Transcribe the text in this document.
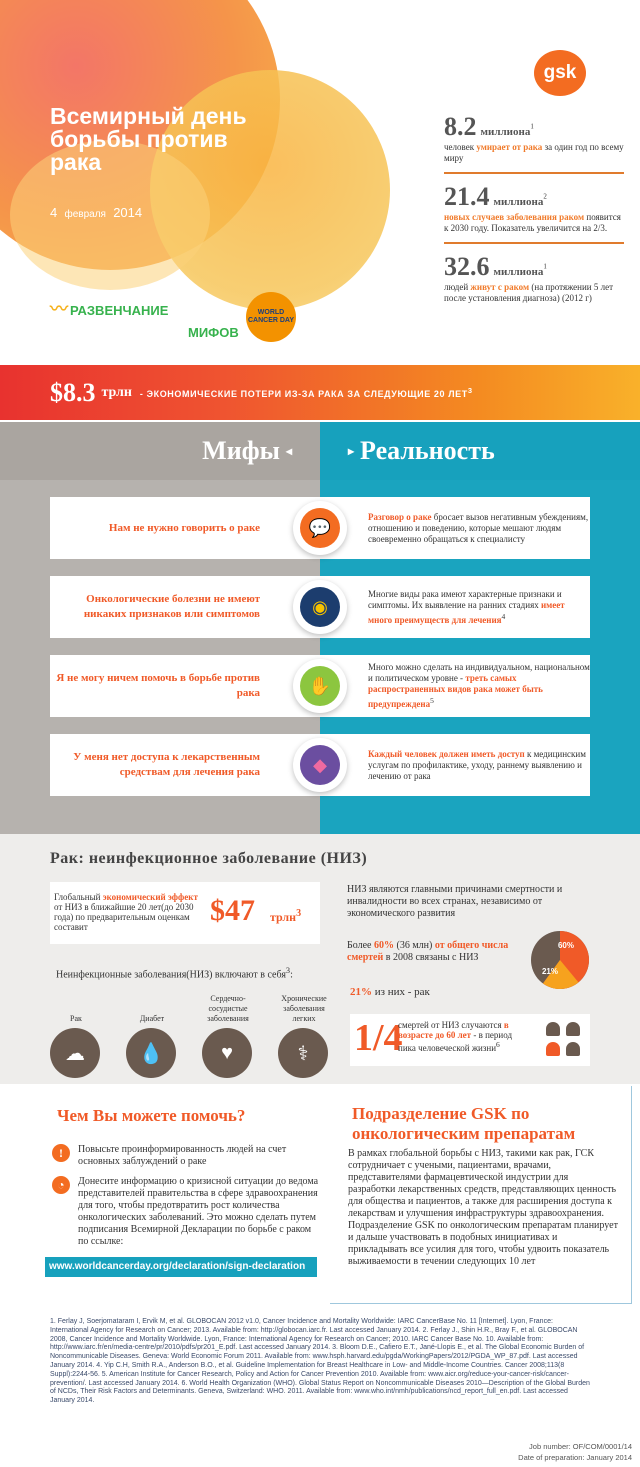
Всемирный день борьбы против рака
4 февраля 2014
〰 РАЗВЕНЧАНИЕ
МИФОВ
WORLD CANCER DAY
gsk
8.2 миллиона$^1$
человек умирает от рака за один год по всему миру
21.4 миллиона$^2$
новых случаев заболевания раком появится к 2030 году. Показатель увеличится на 2/3.
32.6 миллиона$^1$
людей живут с раком (на протяжении 5 лет после установления диагноза) (2012 г)
$8.3 трлн - ЭКОНОМИЧЕСКИЕ ПОТЕРИ ИЗ-ЗА РАКА ЗА СЛЕДУЮЩИЕ 20 ЛЕТ$^3$
Мифы ◂	▸ Реальность
Нам не нужно говорить о раке	💬
Разговор о раке бросает вызов негативным убеждениям, отношению и поведению, которые мешают людям своевременно обращаться к специалисту
Онкологические болезни не имеют никаких признаков или симптомов	◉
Многие виды рака имеют характерные признаки и симптомы. Их выявление на ранних стадиях имеет много преимуществ для лечения$^4$
Я не могу ничем помочь в борьбе против рака	✋
Много можно сделать на индивидуальном, национальном и политическом уровне - треть самых распространенных видов рака может быть предупреждена$^5$
У меня нет доступа к лекарственным средствам для лечения рака	◆
Каждый человек должен иметь доступ к медицинским услугам по профилактике, уходу, раннему выявлению и лечению от рака
Рак: неинфекционное заболевание (НИЗ)
Глобальный экономический эффект от НИЗ в ближайшие 20 лет(до 2030 года) по предварительным оценкам составит	$47 трлн$^3$
Неинфекционные заболевания(НИЗ) включают в себя$^3$:
Рак
☁
Диабет
💧
Сердечно-сосудистые заболевания
♥
Хронические заболевания легких
⚕
НИЗ являются главными причинами смертности и инвалидности во всех странах, независимо от экономического развития
Более 60% (36 млн) от общего числа смертей в 2008 связаны с НИЗ
21% из них - рак
60%
21%
1/4
смертей от НИЗ случаются в возрасте до 60 лет - в период пика человеческой жизни$^6$
Чем Вы можете помочь?
!	Повысьте проинформированность людей на счет основных заблуждений о раке
◔	Донесите информацию о кризисной ситуации до ведома представителей правительства в сфере здравоохранения для того, чтобы предотвратить рост количества онкологических заболеваний. Это можно сделать путем подписания Всемирной Декларации по борьбе с раком по ссылке:
www.worldcancerday.org/declaration/sign-declaration
Подразделение GSK по онкологическим препаратам
В рамках глобальной борьбы с НИЗ, такими как рак, ГСК сотрудничает с учеными, пациентами, врачами, представителями фармацевтической индустрии для разработки лекарственных средств, представляющих ценность для общества и пациентов, а также для расширения доступа к лекарствам и улучшения инфраструктуры здравоохранения. Подразделение GSK по онкологическим препаратам планирует и дальше участвовать в подобных инициативах и прикладывать все усилия для того, чтобы удвоить показатель выживаемости в течении следующих 10 лет
1. Ferlay J, Soerjomataram I, Ervik M, et al. GLOBOCAN 2012 v1.0, Cancer Incidence and Mortality Worldwide: IARC CancerBase No. 11 [Internet]. Lyon, France: International Agency for Research on Cancer; 2013. Available from: http://globocan.iarc.fr. Last accessed January 2014. 2. Ferlay J., Shin H.R., Bray F., et al. GLOBOCAN 2008, Cancer Incidence and Mortality Worldwide. Lyon, France: International Agency for Research on Cancer; 2010. IARC Cancer Base No. 10. Available from: http://www.iarc.fr/en/media-centre/pr/2010/pdfs/pr201_E.pdf. Last accessed January 2014. 3. Bloom D.E., Cafiero E.T., Jané-Llopis E., et al. The Global Economic Burden of Noncommunicable Diseases. Geneva: World Economic Forum 2011. Available from: www.hsph.harvard.edu/pgda/WorkingPapers/2012/PGDA_WP_87.pdf. Last accessed January 2014. 4. Yip C.H, Smith R.A., Anderson B.O., et al. Guideline Implementation for Breast Healthcare in Low- and Middle-Income Countries. Cancer 2008;113(8 Suppl):2244-56. 5. American Institute for Cancer Research, Policy and Action for Cancer Prevention 2010. Available from: www.aicr.org/reduce-your-cancer-risk/cancer-prevention/. Last accessed January 2014. 6. World Health Organization (WHO). Global Status Report on Noncommunicable Diseases 2010—Description of the Global Burden of NCDs, Their Risk Factors and Determinants. Geneva, Switzerland: WHO. 2011. Available from: www.who.int/nmh/publications/ncd_report_full_en.pdf. Last accessed January 2014.
Job number: OF/COM/0001/14
Date of preparation: January 2014
